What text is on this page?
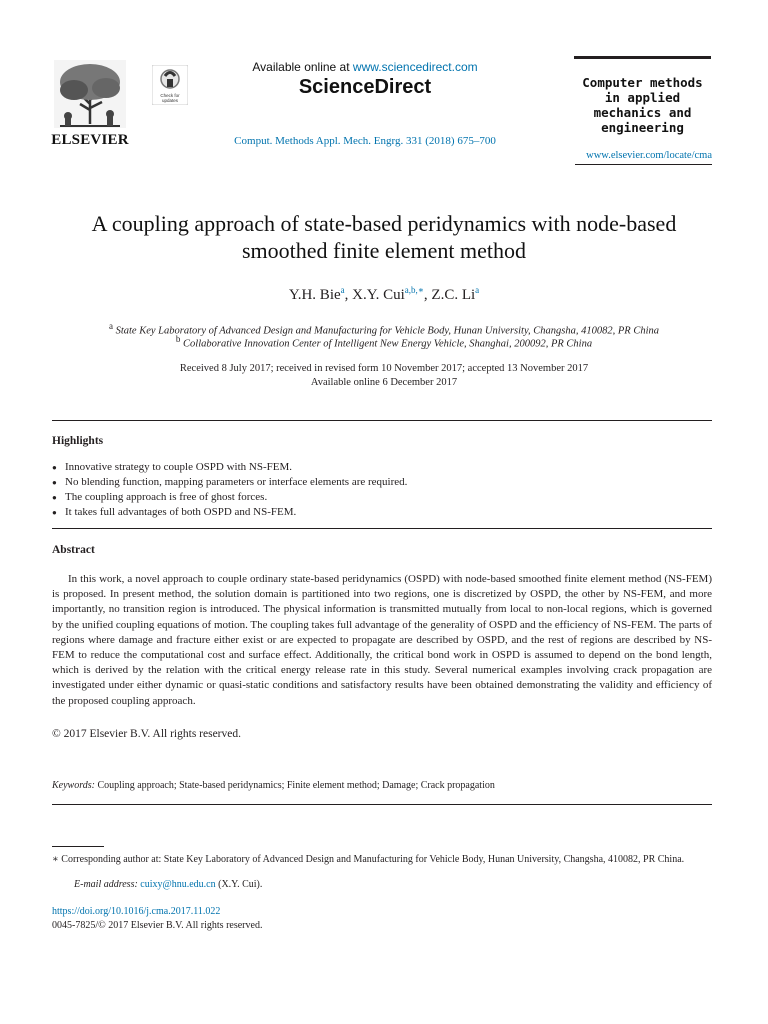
ELSEVIER
Check for
updates

Available online at www.sciencedirect.com

ScienceDirect
Comput. Methods Appl. Mech. Engrg. 331 (2018) 675–700
Computer methods
in applied
mechanics and
engineering
www.elsevier.com/locate/cma
A coupling approach of state-based peridynamics with node-based
smoothed finite element method
Y.H. Bie$^a$, X.Y. Cui$^{a,b,∗}$, Z.C. Li$^a$
$^a$ State Key Laboratory of Advanced Design and Manufacturing for Vehicle Body, Hunan University, Changsha, 410082, PR China
$^b$ Collaborative Innovation Center of Intelligent New Energy Vehicle, Shanghai, 200092, PR China
Received 8 July 2017; received in revised form 10 November 2017; accepted 13 November 2017
Available online 6 December 2017
Highlights
● Innovative strategy to couple OSPD with NS-FEM.
● No blending function, mapping parameters or interface elements are required.
● The coupling approach is free of ghost forces.
● It takes full advantages of both OSPD and NS-FEM.
Abstract

In this work, a novel approach to couple ordinary state-based peridynamics (OSPD) with node-based smoothed finite element method (NS-FEM) is proposed. In present method, the solution domain is partitioned into two regions, one is discretized by OSPD, the other by NS-FEM, and more importantly, no transition region is introduced. The physical information is transmitted mutually from local to non-local regions, which is governed by the unified coupling equations of motion. The coupling takes full advantage of the generality of OSPD and the efficiency of NS-FEM. The parts of regions where damage and fracture either exist or are expected to propagate are described by OSPD, and the rest of regions are described by NS-FEM to reduce the computational cost and surface effect. Additionally, the critical bond work in OSPD is assumed to depend on the bond length, which is derived by the relation with the critical energy release rate in this study. Several numerical examples involving crack propagation are investigated under either dynamic or quasi-static conditions and satisfactory results have been obtained demonstrating the validity and efficiency of the proposed coupling approach.

© 2017 Elsevier B.V. All rights reserved.
Keywords: Coupling approach; State-based peridynamics; Finite element method; Damage; Crack propagation
∗ Corresponding author at: State Key Laboratory of Advanced Design and Manufacturing for Vehicle Body, Hunan University, Changsha, 410082, PR China.
E-mail address: cuixy@hnu.edu.cn (X.Y. Cui).
https://doi.org/10.1016/j.cma.2017.11.022
0045-7825/© 2017 Elsevier B.V. All rights reserved.
